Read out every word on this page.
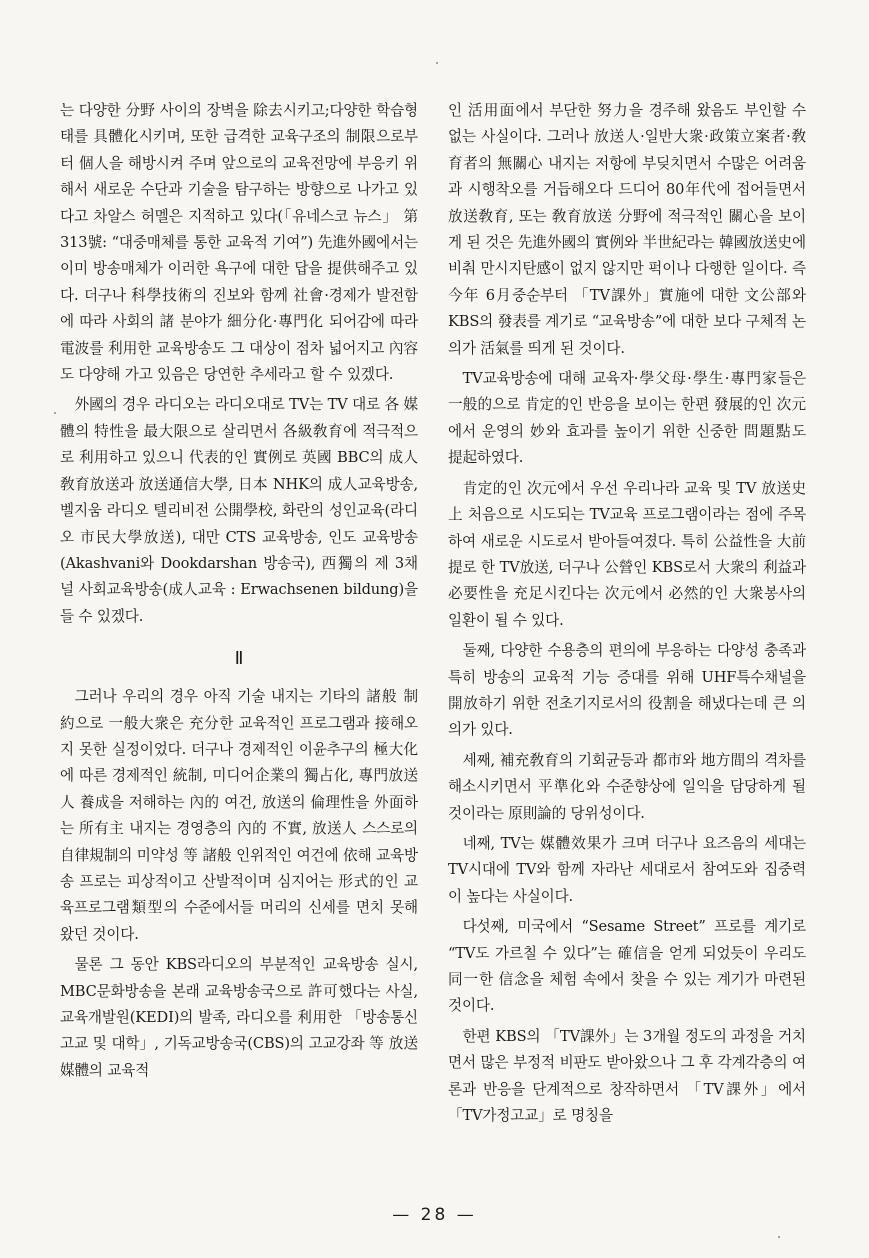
는 다양한 分野 사이의 장벽을 除去시키고;다양한 학습형태를 具體化시키며, 또한 급격한 교육구조의 制限으로부터 個人을 해방시켜 주며 앞으로의 교육전망에 부응키 위해서 새로운 수단과 기술을 탐구하는 방향으로 나가고 있다고 차알스 허멜은 지적하고 있다(「유네스코 뉴스」 第313號: “대중매체를 통한 교육적 기여”) 先進外國에서는 이미 방송매체가 이러한 욕구에 대한 답을 提供해주고 있다. 더구나 科學技術의 진보와 함께 社會·경제가 발전함에 따라 사회의 諸 분야가 細分化·專門化 되어감에 따라 電波를 利用한 교육방송도 그 대상이 점차 넓어지고 內容도 다양해 가고 있음은 당연한 추세라고 할 수 있겠다.

外國의 경우 라디오는 라디오대로 TV는 TV 대로 各 媒體의 特性을 最大限으로 살리면서 各級敎育에 적극적으로 利用하고 있으니 代表的인 實例로 英國 BBC의 成人敎育放送과 放送通信大學, 日本 NHK의 成人교육방송, 벨지움 라디오 텔리비전 公開學校, 화란의 성인교육(라디오 市民大學放送), 대만 CTS 교육방송, 인도 교육방송(Akashvani와 Dookdarshan 방송국), 西獨의 제 3채널 사회교육방송(成人교육 : Erwachsenen bildung)을 들 수 있겠다.

Ⅱ

그러나 우리의 경우 아직 기술 내지는 기타의 諸般 制約으로 一般大衆은 充分한 교육적인 프로그램과 接해오지 못한 실정이었다. 더구나 경제적인 이윤추구의 極大化에 따른 경제적인 統制, 미디어企業의 獨占化, 專門放送人 養成을 저해하는 內的 여건, 放送의 倫理性을 外面하는 所有主 내지는 경영층의 內的 不實, 放送人 스스로의 自律規制의 미약성 等 諸般 인위적인 여건에 依해 교육방송 프로는 피상적이고 산발적이며 심지어는 形式的인 교육프로그램類型의 수준에서들 머리의 신세를 면치 못해 왔던 것이다.

물론 그 동안 KBS라디오의 부분적인 교육방송 실시, MBC문화방송을 본래 교육방송국으로 許可했다는 사실, 교육개발원(KEDI)의 발족, 라디오를 利用한 「방송통신고교 및 대학」, 기독교방송국(CBS)의 고교강좌 等 放送媒體의 교육적

인 活用面에서 부단한 努力을 경주해 왔음도 부인할 수 없는 사실이다. 그러나 放送人·일반大衆·政策立案者·敎育者의 無關心 내지는 저항에 부딪치면서 수많은 어려움과 시행착오를 거듭해오다 드디어 80年代에 접어들면서 放送敎育, 또는 敎育放送 分野에 적극적인 關心을 보이게 된 것은 先進外國의 實例와 半世紀라는 韓國放送史에 비춰 만시지탄感이 없지 않지만 퍽이나 다행한 일이다. 즉 今年 6月중순부터 「TV課外」實施에 대한 文公部와 KBS의 發表를 계기로 “교육방송”에 대한 보다 구체적 논의가 活氣를 띄게 된 것이다.

TV교육방송에 대해 교육자·學父母·學生·專門家들은 一般的으로 肯定的인 반응을 보이는 한편 發展的인 次元에서 운영의 妙와 효과를 높이기 위한 신중한 問題點도 提起하였다.

肯定的인 次元에서 우선 우리나라 교육 및 TV 放送史上 처음으로 시도되는 TV교육 프로그램이라는 점에 주목하여 새로운 시도로서 받아들여졌다. 특히 公益性을 大前提로 한 TV放送, 더구나 公營인 KBS로서 大衆의 利益과 必要性을 充足시킨다는 次元에서 必然的인 大衆봉사의 일환이 될 수 있다.

둘째, 다양한 수용층의 편의에 부응하는 다양성 충족과 특히 방송의 교육적 기능 증대를 위해 UHF특수채널을 開放하기 위한 전초기지로서의 役割을 해냈다는데 큰 의의가 있다.

세째, 補充敎育의 기회균등과 都市와 地方間의 격차를 해소시키면서 平準化와 수준향상에 일익을 담당하게 될 것이라는 原則論的 당위성이다.

네째, TV는 媒體效果가 크며 더구나 요즈음의 세대는 TV시대에 TV와 함께 자라난 세대로서 참여도와 집중력이 높다는 사실이다.

다섯째, 미국에서 “Sesame Street” 프로를 계기로 “TV도 가르칠 수 있다”는 確信을 얻게 되었듯이 우리도 同一한 信念을 체험 속에서 찾을 수 있는 계기가 마련된 것이다.

한편 KBS의 「TV課外」는 3개월 정도의 과정을 거치면서 많은 부정적 비판도 받아왔으나 그 후 각계각층의 여론과 반응을 단계적으로 창작하면서 「TV課外」에서 「TV가정고교」로 명칭을

— 28 —
